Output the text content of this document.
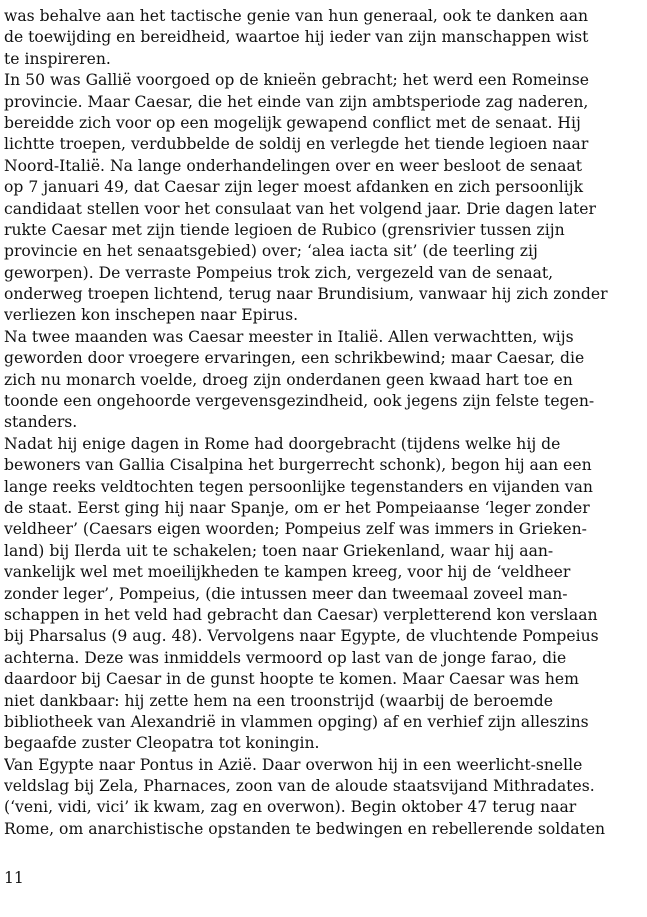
was behalve aan het tactische genie van hun generaal, ook te danken aan
de toewijding en bereidheid, waartoe hij ieder van zijn manschappen wist
te inspireren.
In 50 was Gallië voorgoed op de knieën gebracht; het werd een Romeinse
provincie. Maar Caesar, die het einde van zijn ambtsperiode zag naderen,
bereidde zich voor op een mogelijk gewapend conflict met de senaat. Hij
lichtte troepen, verdubbelde de soldij en verlegde het tiende legioen naar
Noord-Italië. Na lange onderhandelingen over en weer besloot de senaat
op 7 januari 49, dat Caesar zijn leger moest afdanken en zich persoonlijk
candidaat stellen voor het consulaat van het volgend jaar. Drie dagen later
rukte Caesar met zijn tiende legioen de Rubico (grensrivier tussen zijn
provincie en het senaatsgebied) over; ‘alea iacta sit’ (de teerling zij
geworpen). De verraste Pompeius trok zich, vergezeld van de senaat,
onderweg troepen lichtend, terug naar Brundisium, vanwaar hij zich zonder
verliezen kon inschepen naar Epirus.
Na twee maanden was Caesar meester in Italië. Allen verwachtten, wijs
geworden door vroegere ervaringen, een schrikbewind; maar Caesar, die
zich nu monarch voelde, droeg zijn onderdanen geen kwaad hart toe en
toonde een ongehoorde vergevensgezindheid, ook jegens zijn felste tegen-
standers.
Nadat hij enige dagen in Rome had doorgebracht (tijdens welke hij de
bewoners van Gallia Cisalpina het burgerrecht schonk), begon hij aan een
lange reeks veldtochten tegen persoonlijke tegenstanders en vijanden van
de staat. Eerst ging hij naar Spanje, om er het Pompeiaanse ‘leger zonder
veldheer’ (Caesars eigen woorden; Pompeius zelf was immers in Grieken-
land) bij Ilerda uit te schakelen; toen naar Griekenland, waar hij aan-
vankelijk wel met moeilijkheden te kampen kreeg, voor hij de ‘veldheer
zonder leger’, Pompeius, (die intussen meer dan tweemaal zoveel man-
schappen in het veld had gebracht dan Caesar) verpletterend kon verslaan
bij Pharsalus (9 aug. 48). Vervolgens naar Egypte, de vluchtende Pompeius
achterna. Deze was inmiddels vermoord op last van de jonge farao, die
daardoor bij Caesar in de gunst hoopte te komen. Maar Caesar was hem
niet dankbaar: hij zette hem na een troonstrijd (waarbij de beroemde
bibliotheek van Alexandrië in vlammen opging) af en verhief zijn alleszins
begaafde zuster Cleopatra tot koningin.
Van Egypte naar Pontus in Azië. Daar overwon hij in een weerlicht-snelle
veldslag bij Zela, Pharnaces, zoon van de aloude staatsvijand Mithradates.
(‘veni, vidi, vici’ ik kwam, zag en overwon). Begin oktober 47 terug naar
Rome, om anarchistische opstanden te bedwingen en rebellerende soldaten
11
